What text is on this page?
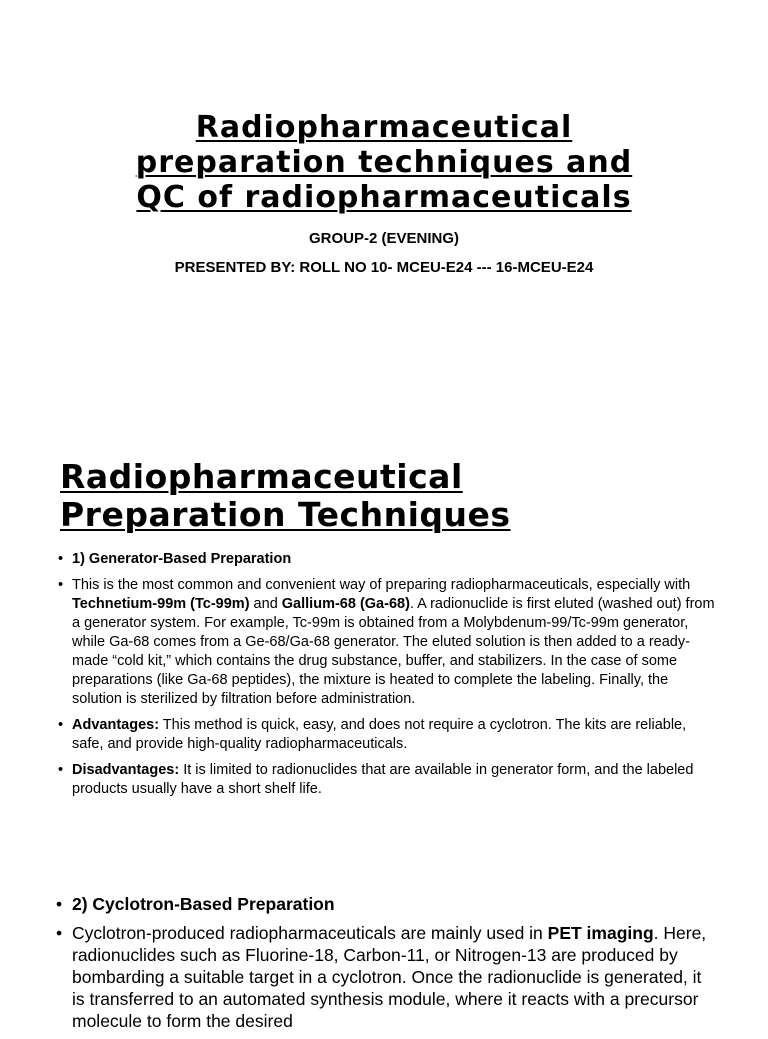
Radiopharmaceutical
preparation techniques and
QC of radiopharmaceuticals
GROUP-2 (EVENING)
PRESENTED BY: ROLL NO 10- MCEU-E24 --- 16-MCEU-E24
Radiopharmaceutical
Preparation Techniques
• 1) Generator-Based Preparation
• This is the most common and convenient way of preparing radiopharmaceuticals, especially with Technetium-99m (Tc-99m) and Gallium-68 (Ga-68). A radionuclide is first eluted (washed out) from a generator system. For example, Tc-99m is obtained from a Molybdenum-99/Tc-99m generator, while Ga-68 comes from a Ge-68/Ga-68 generator. The eluted solution is then added to a ready-made “cold kit,” which contains the drug substance, buffer, and stabilizers. In the case of some preparations (like Ga-68 peptides), the mixture is heated to complete the labeling. Finally, the solution is sterilized by filtration before administration.
• Advantages: This method is quick, easy, and does not require a cyclotron. The kits are reliable, safe, and provide high-quality radiopharmaceuticals.
• Disadvantages: It is limited to radionuclides that are available in generator form, and the labeled products usually have a short shelf life.
• 2) Cyclotron-Based Preparation
• Cyclotron-produced radiopharmaceuticals are mainly used in PET imaging. Here, radionuclides such as Fluorine-18, Carbon-11, or Nitrogen-13 are produced by bombarding a suitable target in a cyclotron. Once the radionuclide is generated, it is transferred to an automated synthesis module, where it reacts with a precursor molecule to form the desired
